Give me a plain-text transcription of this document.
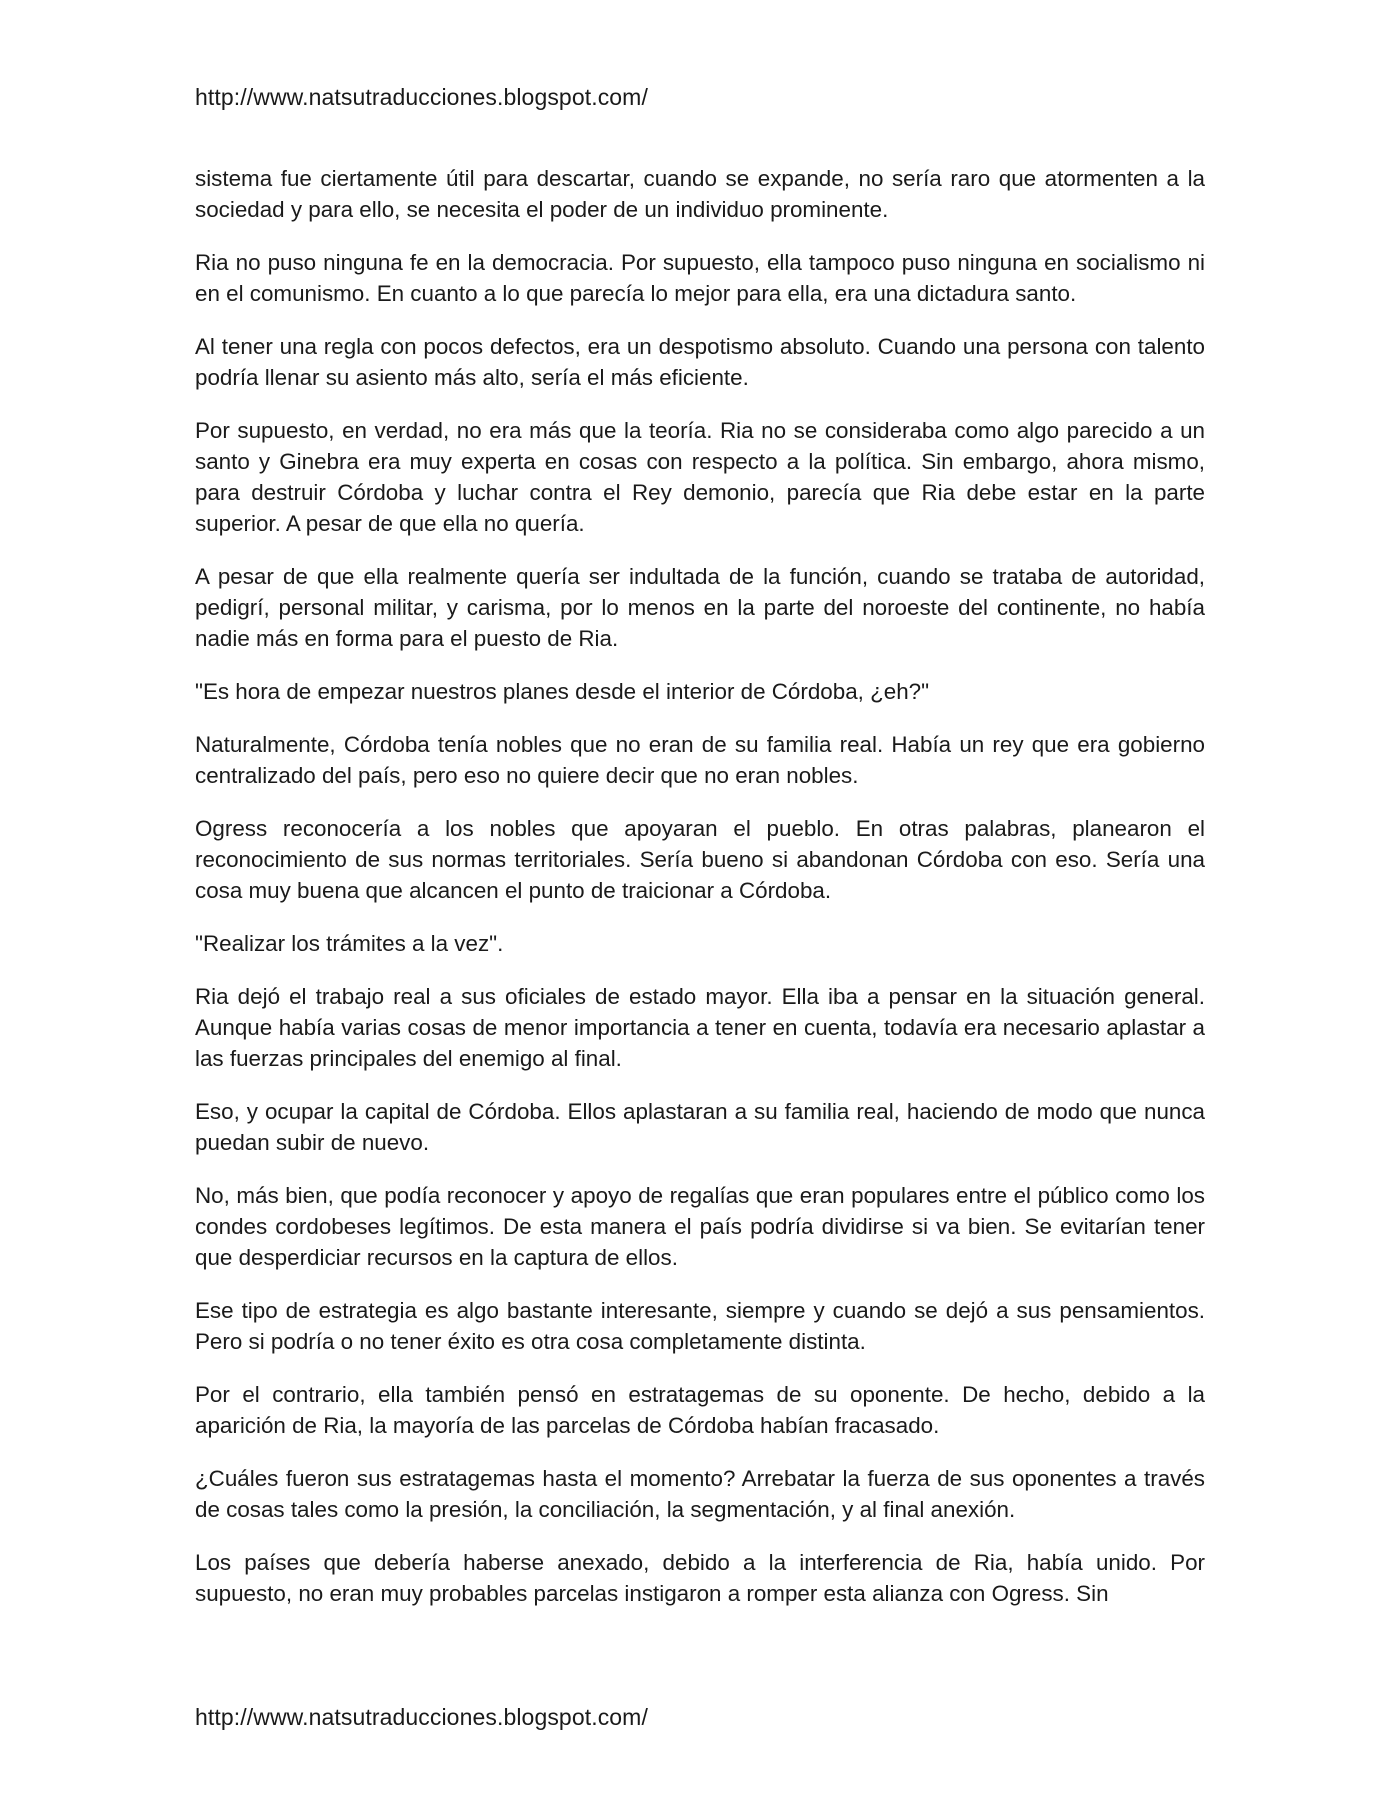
http://www.natsutraducciones.blogspot.com/

sistema fue ciertamente útil para descartar, cuando se expande, no sería raro que atormenten a la sociedad y para ello, se necesita el poder de un individuo prominente.

Ria no puso ninguna fe en la democracia. Por supuesto, ella tampoco puso ninguna en socialismo ni en el comunismo. En cuanto a lo que parecía lo mejor para ella, era una dictadura santo.

Al tener una regla con pocos defectos, era un despotismo absoluto. Cuando una persona con talento podría llenar su asiento más alto, sería el más eficiente.

Por supuesto, en verdad, no era más que la teoría. Ria no se consideraba como algo parecido a un santo y Ginebra era muy experta en cosas con respecto a la política. Sin embargo, ahora mismo, para destruir Córdoba y luchar contra el Rey demonio, parecía que Ria debe estar en la parte superior. A pesar de que ella no quería.

A pesar de que ella realmente quería ser indultada de la función, cuando se trataba de autoridad, pedigrí, personal militar, y carisma, por lo menos en la parte del noroeste del continente, no había nadie más en forma para el puesto de Ria.

"Es hora de empezar nuestros planes desde el interior de Córdoba, ¿eh?"

Naturalmente, Córdoba tenía nobles que no eran de su familia real. Había un rey que era gobierno centralizado del país, pero eso no quiere decir que no eran nobles.

Ogress reconocería a los nobles que apoyaran el pueblo. En otras palabras, planearon el reconocimiento de sus normas territoriales. Sería bueno si abandonan Córdoba con eso. Sería una cosa muy buena que alcancen el punto de traicionar a Córdoba.

"Realizar los trámites a la vez".

Ria dejó el trabajo real a sus oficiales de estado mayor. Ella iba a pensar en la situación general. Aunque había varias cosas de menor importancia a tener en cuenta, todavía era necesario aplastar a las fuerzas principales del enemigo al final.

Eso, y ocupar la capital de Córdoba. Ellos aplastaran a su familia real, haciendo de modo que nunca puedan subir de nuevo.

No, más bien, que podía reconocer y apoyo de regalías que eran populares entre el público como los condes cordobeses legítimos. De esta manera el país podría dividirse si va bien. Se evitarían tener que desperdiciar recursos en la captura de ellos.

Ese tipo de estrategia es algo bastante interesante, siempre y cuando se dejó a sus pensamientos. Pero si podría o no tener éxito es otra cosa completamente distinta.

Por el contrario, ella también pensó en estratagemas de su oponente. De hecho, debido a la aparición de Ria, la mayoría de las parcelas de Córdoba habían fracasado.

¿Cuáles fueron sus estratagemas hasta el momento? Arrebatar la fuerza de sus oponentes a través de cosas tales como la presión, la conciliación, la segmentación, y al final anexión.

Los países que debería haberse anexado, debido a la interferencia de Ria, había unido. Por supuesto, no eran muy probables parcelas instigaron a romper esta alianza con Ogress. Sin

http://www.natsutraducciones.blogspot.com/
